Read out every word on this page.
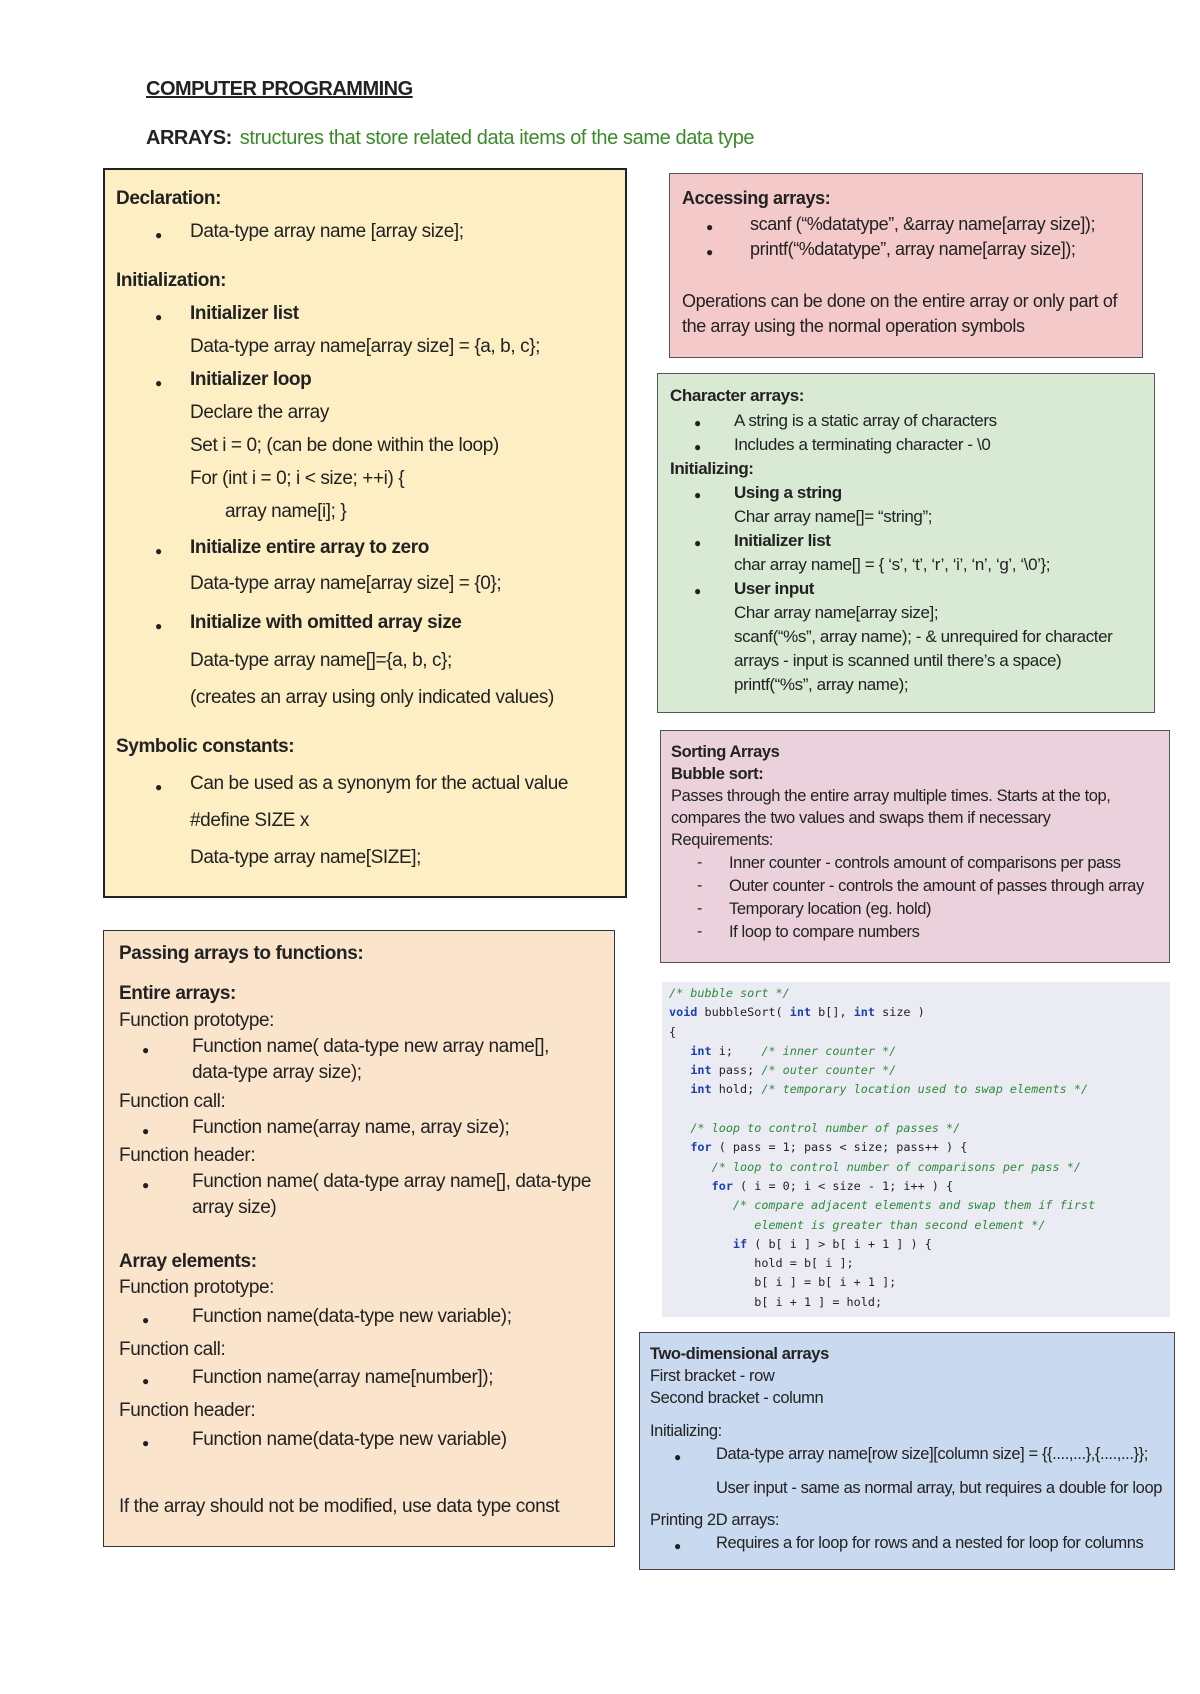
COMPUTER PROGRAMMING
ARRAYS: structures that store related data items of the same data type

Declaration:

● Data-type array name [array size];

Initialization:

● Initializer list

Data-type array name[array size] = {a, b, c};

● Initializer loop

Declare the array

Set i = 0; (can be done within the loop)

For (int i = 0; i < size; ++i) {

array name[i]; }

● Initialize entire array to zero

Data-type array name[array size] = {0};

● Initialize with omitted array size

Data-type array name[]={a, b, c};

(creates an array using only indicated values)

Symbolic constants:

● Can be used as a synonym for the actual value

#define SIZE x

Data-type array name[SIZE];

Passing arrays to functions:

Entire arrays:

Function prototype:

● Function name( data-type new array name[],

data-type array size);

Function call:

● Function name(array name, array size);

Function header:

● Function name( data-type array name[], data-type

array size)

Array elements:

Function prototype:

● Function name(data-type new variable);

Function call:

● Function name(array name[number]);

Function header:

● Function name(data-type new variable)

If the array should not be modified, use data type const

Accessing arrays:

● scanf (“%datatype”, &array name[array size]);

● printf(“%datatype”, array name[array size]);

Operations can be done on the entire array or only part of

the array using the normal operation symbols

Character arrays:

● A string is a static array of characters

● Includes a terminating character - \0

Initializing:

● Using a string

Char array name[]= “string”;

● Initializer list

char array name[] = { ‘s’, ‘t’, ‘r’, ‘i’, ‘n’, ‘g’, ‘\0’};

● User input

Char array name[array size];

scanf(“%s”, array name); - & unrequired for character

arrays - input is scanned until there’s a space)

printf(“%s”, array name);

Sorting Arrays

Bubble sort:

Passes through the entire array multiple times. Starts at the top,

compares the two values and swaps them if necessary

Requirements:

- Inner counter - controls amount of comparisons per pass

- Outer counter - controls the amount of passes through array

- Temporary location (eg. hold)

- If loop to compare numbers

/* bubble sort */
void bubbleSort( int b[], int size )
{
int i;    /* inner counter */
int pass; /* outer counter */
int hold; /* temporary location used to swap elements */

/* loop to control number of passes */
for ( pass = 1; pass < size; pass++ ) {
/* loop to control number of comparisons per pass */
for ( i = 0; i < size - 1; i++ ) {
/* compare adjacent elements and swap them if first
element is greater than second element */
if ( b[ i ] > b[ i + 1 ] ) {
hold = b[ i ];
b[ i ] = b[ i + 1 ];
b[ i + 1 ] = hold;

Two-dimensional arrays

First bracket - row

Second bracket - column

Initializing:

● Data-type array name[row size][column size] = {{....,...},{....,...}};

User input - same as normal array, but requires a double for loop

Printing 2D arrays:

● Requires a for loop for rows and a nested for loop for columns
